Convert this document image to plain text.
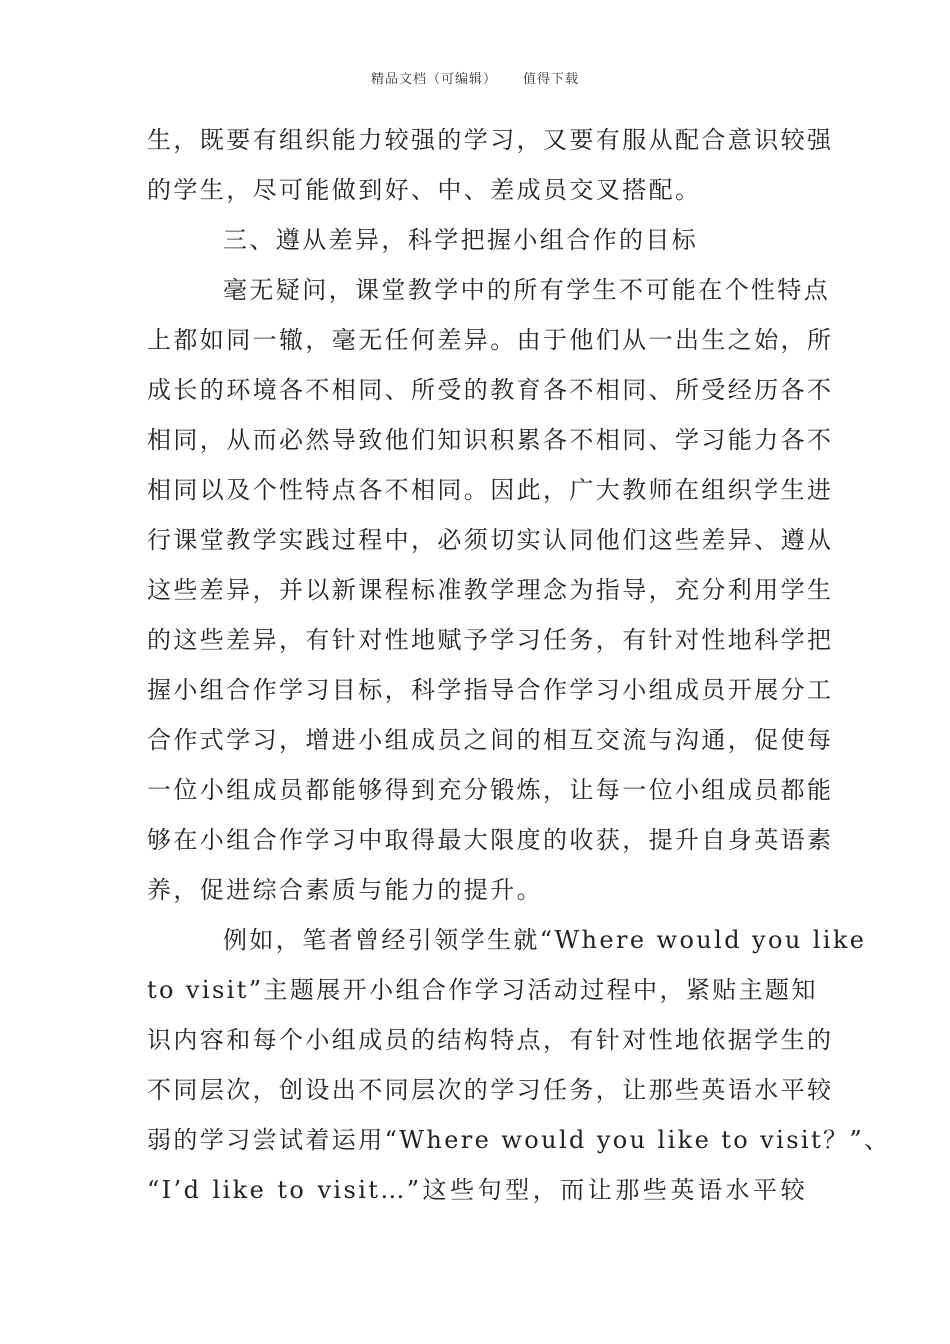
精品文档（可编辑） 值得下载
生，既要有组织能力较强的学习，又要有服从配合意识较强
的学生，尽可能做到好、中、差成员交叉搭配。
三、遵从差异，科学把握小组合作的目标
毫无疑问，课堂教学中的所有学生不可能在个性特点
上都如同一辙，毫无任何差异。由于他们从一出生之始，所
成长的环境各不相同、所受的教育各不相同、所受经历各不
相同，从而必然导致他们知识积累各不相同、学习能力各不
相同以及个性特点各不相同。因此，广大教师在组织学生进
行课堂教学实践过程中，必须切实认同他们这些差异、遵从
这些差异，并以新课程标准教学理念为指导，充分利用学生
的这些差异，有针对性地赋予学习任务，有针对性地科学把
握小组合作学习目标，科学指导合作学习小组成员开展分工
合作式学习，增进小组成员之间的相互交流与沟通，促使每
一位小组成员都能够得到充分锻炼，让每一位小组成员都能
够在小组合作学习中取得最大限度的收获，提升自身英语素
养，促进综合素质与能力的提升。
例如，笔者曾经引领学生就“Where would you like
to visit”主题展开小组合作学习活动过程中，紧贴主题知
识内容和每个小组成员的结构特点，有针对性地依据学生的
不同层次，创设出不同层次的学习任务，让那些英语水平较
弱的学习尝试着运用“Where would you like to visit？”、
“I’d like to visit…”这些句型，而让那些英语水平较
